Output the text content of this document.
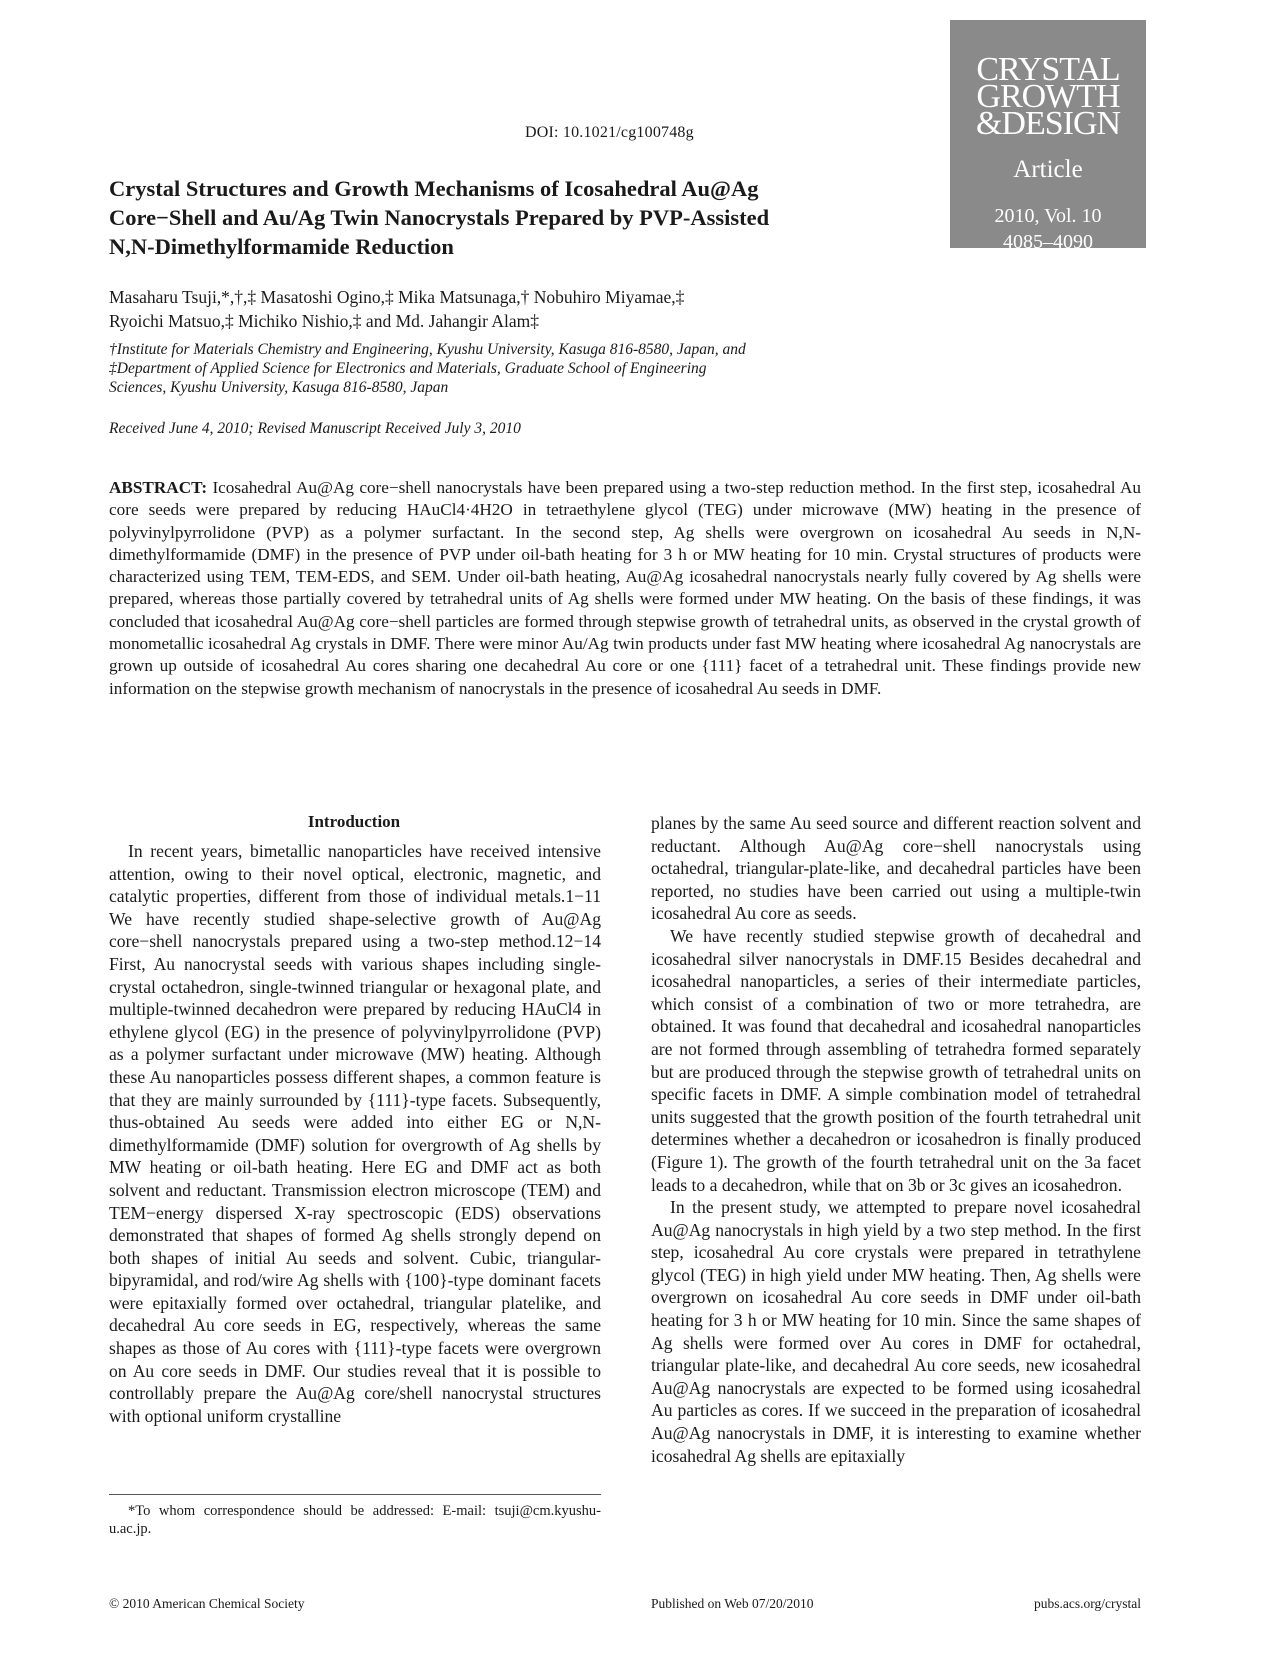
DOI: 10.1021/cg100748g
CRYSTAL
GROWTH
&DESIGN
Article
2010, Vol. 10
4085–4090
Crystal Structures and Growth Mechanisms of Icosahedral Au@Ag
Core−Shell and Au/Ag Twin Nanocrystals Prepared by PVP-Assisted
N,N-Dimethylformamide Reduction
Masaharu Tsuji,*,†,‡ Masatoshi Ogino,‡ Mika Matsunaga,† Nobuhiro Miyamae,‡
Ryoichi Matsuo,‡ Michiko Nishio,‡ and Md. Jahangir Alam‡
†Institute for Materials Chemistry and Engineering, Kyushu University, Kasuga 816-8580, Japan, and
‡Department of Applied Science for Electronics and Materials, Graduate School of Engineering
Sciences, Kyushu University, Kasuga 816-8580, Japan
Received June 4, 2010; Revised Manuscript Received July 3, 2010
ABSTRACT: Icosahedral Au@Ag core−shell nanocrystals have been prepared using a two-step reduction method. In the first step, icosahedral Au core seeds were prepared by reducing HAuCl4·4H2O in tetraethylene glycol (TEG) under microwave (MW) heating in the presence of polyvinylpyrrolidone (PVP) as a polymer surfactant. In the second step, Ag shells were overgrown on icosahedral Au seeds in N,N-dimethylformamide (DMF) in the presence of PVP under oil-bath heating for 3 h or MW heating for 10 min. Crystal structures of products were characterized using TEM, TEM-EDS, and SEM. Under oil-bath heating, Au@Ag icosahedral nanocrystals nearly fully covered by Ag shells were prepared, whereas those partially covered by tetrahedral units of Ag shells were formed under MW heating. On the basis of these findings, it was concluded that icosahedral Au@Ag core−shell particles are formed through stepwise growth of tetrahedral units, as observed in the crystal growth of monometallic icosahedral Ag crystals in DMF. There were minor Au/Ag twin products under fast MW heating where icosahedral Ag nanocrystals are grown up outside of icosahedral Au cores sharing one decahedral Au core or one {111} facet of a tetrahedral unit. These findings provide new information on the stepwise growth mechanism of nanocrystals in the presence of icosahedral Au seeds in DMF.
Introduction

In recent years, bimetallic nanoparticles have received intensive attention, owing to their novel optical, electronic, magnetic, and catalytic properties, different from those of individual metals.1−11 We have recently studied shape-selective growth of Au@Ag core−shell nanocrystals prepared using a two-step method.12−14 First, Au nanocrystal seeds with various shapes including single-crystal octahedron, single-twinned triangular or hexagonal plate, and multiple-twinned decahedron were prepared by reducing HAuCl4 in ethylene glycol (EG) in the presence of polyvinylpyrrolidone (PVP) as a polymer surfactant under microwave (MW) heating. Although these Au nanoparticles possess different shapes, a common feature is that they are mainly surrounded by {111}-type facets. Subsequently, thus-obtained Au seeds were added into either EG or N,N-dimethylformamide (DMF) solution for overgrowth of Ag shells by MW heating or oil-bath heating. Here EG and DMF act as both solvent and reductant. Transmission electron microscope (TEM) and TEM−energy dispersed X-ray spectroscopic (EDS) observations demonstrated that shapes of formed Ag shells strongly depend on both shapes of initial Au seeds and solvent. Cubic, triangular-bipyramidal, and rod/wire Ag shells with {100}-type dominant facets were epitaxially formed over octahedral, triangular platelike, and decahedral Au core seeds in EG, respectively, whereas the same shapes as those of Au cores with {111}-type facets were overgrown on Au core seeds in DMF. Our studies reveal that it is possible to controllably prepare the Au@Ag core/shell nanocrystal structures with optional uniform crystalline

planes by the same Au seed source and different reaction solvent and reductant. Although Au@Ag core−shell nanocrystals using octahedral, triangular-plate-like, and decahedral particles have been reported, no studies have been carried out using a multiple-twin icosahedral Au core as seeds.

We have recently studied stepwise growth of decahedral and icosahedral silver nanocrystals in DMF.15 Besides decahedral and icosahedral nanoparticles, a series of their intermediate particles, which consist of a combination of two or more tetrahedra, are obtained. It was found that decahedral and icosahedral nanoparticles are not formed through assembling of tetrahedra formed separately but are produced through the stepwise growth of tetrahedral units on specific facets in DMF. A simple combination model of tetrahedral units suggested that the growth position of the fourth tetrahedral unit determines whether a decahedron or icosahedron is finally produced (Figure 1). The growth of the fourth tetrahedral unit on the 3a facet leads to a decahedron, while that on 3b or 3c gives an icosahedron.

In the present study, we attempted to prepare novel icosahedral Au@Ag nanocrystals in high yield by a two step method. In the first step, icosahedral Au core crystals were prepared in tetrathylene glycol (TEG) in high yield under MW heating. Then, Ag shells were overgrown on icosahedral Au core seeds in DMF under oil-bath heating for 3 h or MW heating for 10 min. Since the same shapes of Ag shells were formed over Au cores in DMF for octahedral, triangular plate-like, and decahedral Au core seeds, new icosahedral Au@Ag nanocrystals are expected to be formed using icosahedral Au particles as cores. If we succeed in the preparation of icosahedral Au@Ag nanocrystals in DMF, it is interesting to examine whether icosahedral Ag shells are epitaxially

*To whom correspondence should be addressed: E-mail: tsuji@cm.kyushu-u.ac.jp.
© 2010 American Chemical Society	Published on Web 07/20/2010	pubs.acs.org/crystal
